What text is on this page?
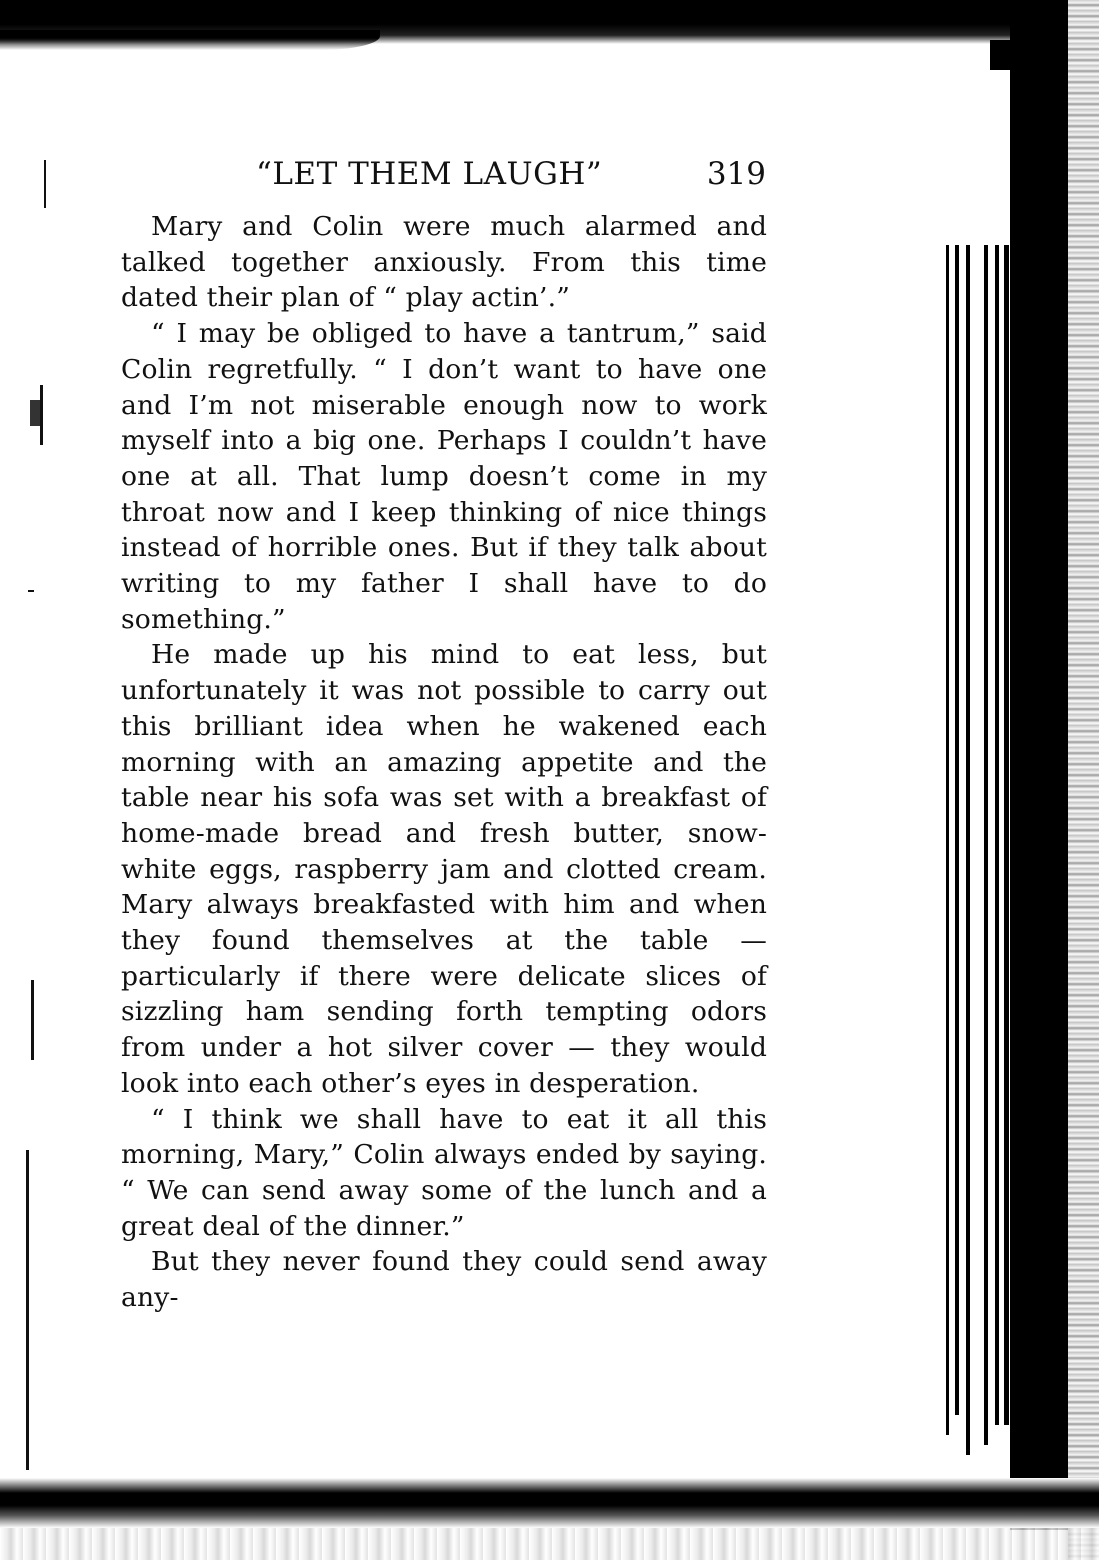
“LET THEM LAUGH”	319

Mary and Colin were much alarmed and talked together anxiously. From this time dated their plan of “ play actin’.”

“ I may be obliged to have a tantrum,” said Colin regretfully. “ I don’t want to have one and I’m not miserable enough now to work myself into a big one. Perhaps I couldn’t have one at all. That lump doesn’t come in my throat now and I keep thinking of nice things instead of horrible ones. But if they talk about writing to my father I shall have to do something.”

He made up his mind to eat less, but unfortunately it was not possible to carry out this brilliant idea when he wakened each morning with an amazing appetite and the table near his sofa was set with a breakfast of home-made bread and fresh butter, snow-white eggs, raspberry jam and clotted cream. Mary always breakfasted with him and when they found themselves at the table — particularly if there were delicate slices of sizzling ham sending forth tempting odors from under a hot silver cover — they would look into each other’s eyes in desperation.

“ I think we shall have to eat it all this morning, Mary,” Colin always ended by saying. “ We can send away some of the lunch and a great deal of the dinner.”

But they never found they could send away any-
